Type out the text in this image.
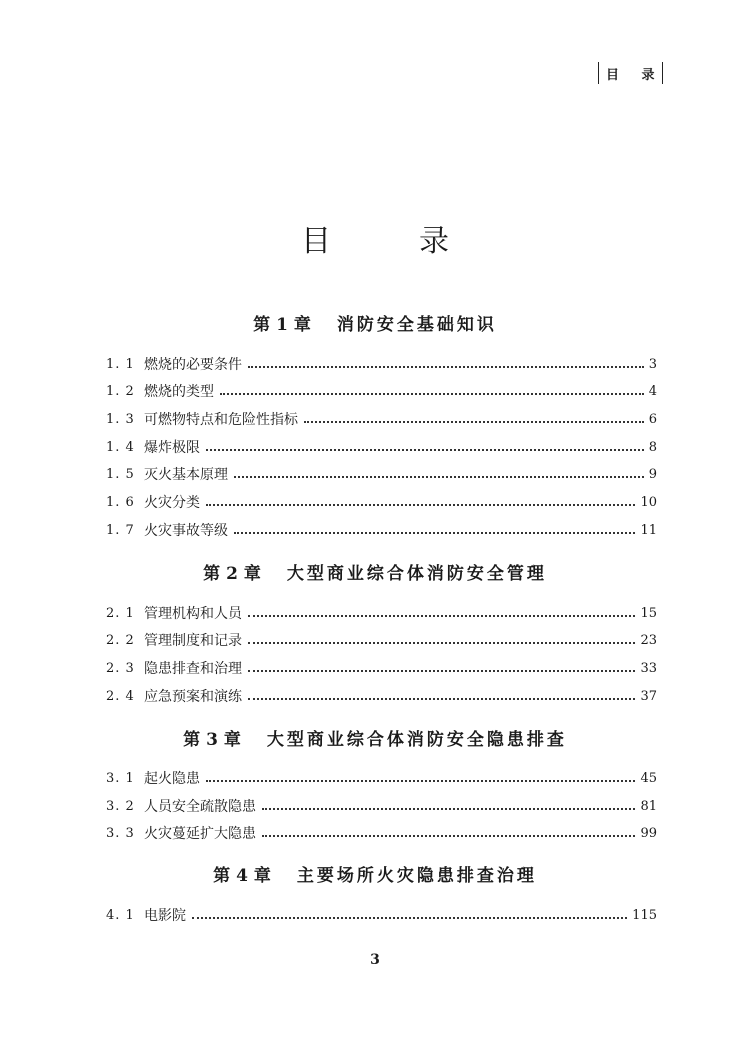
目 录
目录
第 1 章 消防安全基础知识
1. 1 燃烧的必要条件	3
1. 2 燃烧的类型	4
1. 3 可燃物特点和危险性指标	6
1. 4 爆炸极限	8
1. 5 灭火基本原理	9
1. 6 火灾分类	10
1. 7 火灾事故等级	11
第 2 章 大型商业综合体消防安全管理
2. 1 管理机构和人员	15
2. 2 管理制度和记录	23
2. 3 隐患排查和治理	33
2. 4 应急预案和演练	37
第 3 章 大型商业综合体消防安全隐患排查
3. 1 起火隐患	45
3. 2 人员安全疏散隐患	81
3. 3 火灾蔓延扩大隐患	99
第 4 章 主要场所火灾隐患排查治理
4. 1 电影院	115
3
